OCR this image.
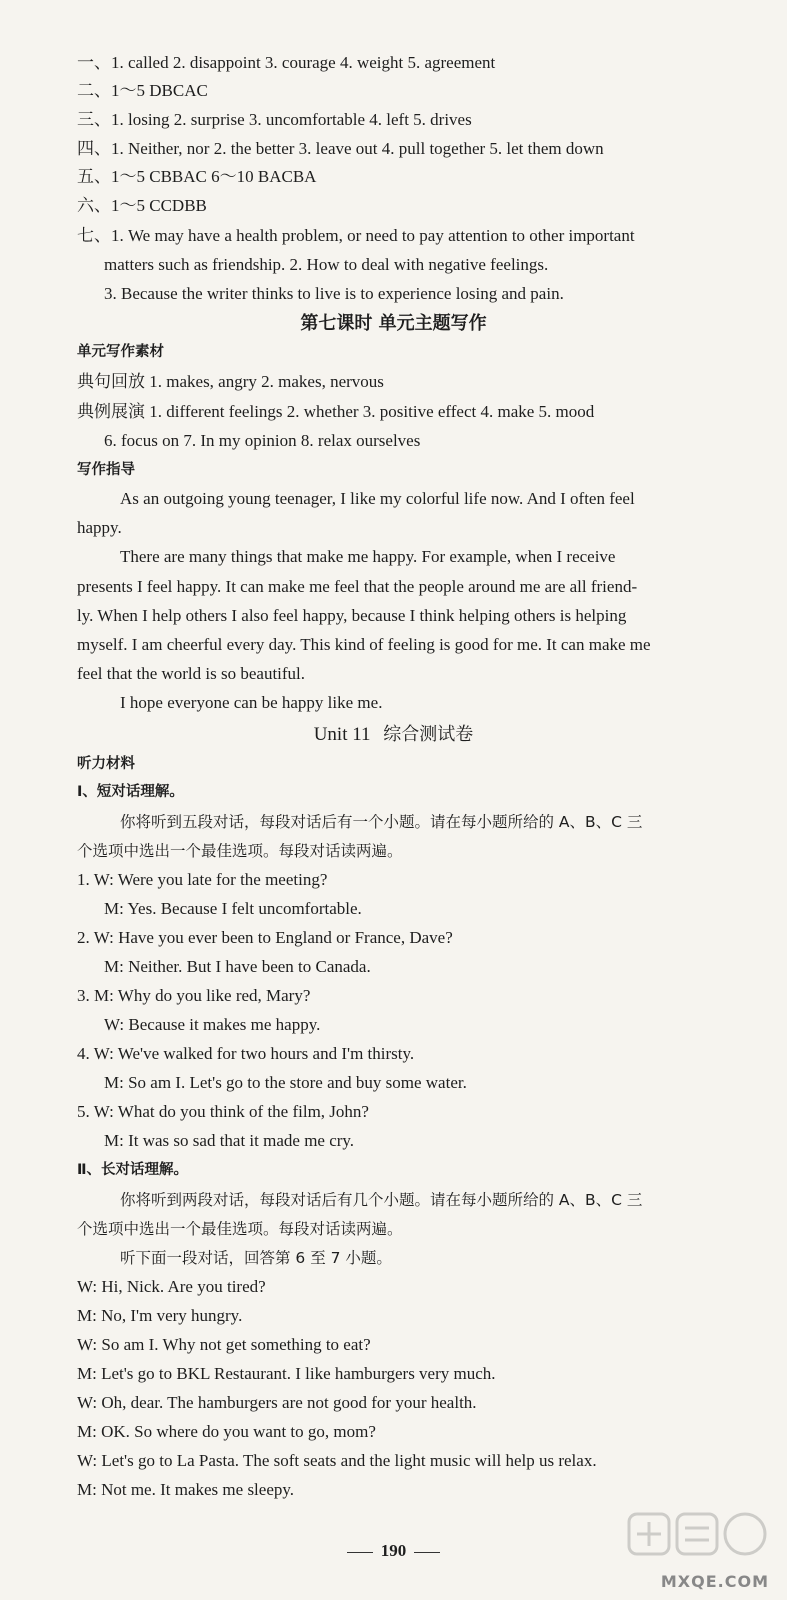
一、1. called 2. disappoint 3. courage 4. weight 5. agreement
二、1～5 DBCAC
三、1. losing 2. surprise 3. uncomfortable 4. left 5. drives
四、1. Neither, nor 2. the better 3. leave out 4. pull together 5. let them down
五、1～5 CBBAC 6～10 BACBA
六、1～5 CCDBB
七、1. We may have a health problem, or need to pay attention to other important
matters such as friendship. 2. How to deal with negative feelings.
3. Because the writer thinks to live is to experience losing and pain.
第七课时 单元主题写作
单元写作素材
典句回放 1. makes, angry 2. makes, nervous
典例展演 1. different feelings 2. whether 3. positive effect 4. make 5. mood
6. focus on 7. In my opinion 8. relax ourselves
写作指导
As an outgoing young teenager, I like my colorful life now. And I often feel
happy.
There are many things that make me happy. For example, when I receive
presents I feel happy. It can make me feel that the people around me are all friend-
ly. When I help others I also feel happy, because I think helping others is helping
myself. I am cheerful every day. This kind of feeling is good for me. It can make me
feel that the world is so beautiful.
I hope everyone can be happy like me.
Unit 11 综合测试卷
听力材料
Ⅰ、短对话理解。
你将听到五段对话，每段对话后有一个小题。请在每小题所给的 A、B、C 三
个选项中选出一个最佳选项。每段对话读两遍。
1. W: Were you late for the meeting?
M: Yes. Because I felt uncomfortable.
2. W: Have you ever been to England or France, Dave?
M: Neither. But I have been to Canada.
3. M: Why do you like red, Mary?
W: Because it makes me happy.
4. W: We've walked for two hours and I'm thirsty.
M: So am I. Let's go to the store and buy some water.
5. W: What do you think of the film, John?
M: It was so sad that it made me cry.
Ⅱ、长对话理解。
你将听到两段对话，每段对话后有几个小题。请在每小题所给的 A、B、C 三
个选项中选出一个最佳选项。每段对话读两遍。
听下面一段对话，回答第 6 至 7 小题。
W: Hi, Nick. Are you tired?
M: No, I'm very hungry.
W: So am I. Why not get something to eat?
M: Let's go to BKL Restaurant. I like hamburgers very much.
W: Oh, dear. The hamburgers are not good for your health.
M: OK. So where do you want to go, mom?
W: Let's go to La Pasta. The soft seats and the light music will help us relax.
M: Not me. It makes me sleepy.
190
MXQE.COM
